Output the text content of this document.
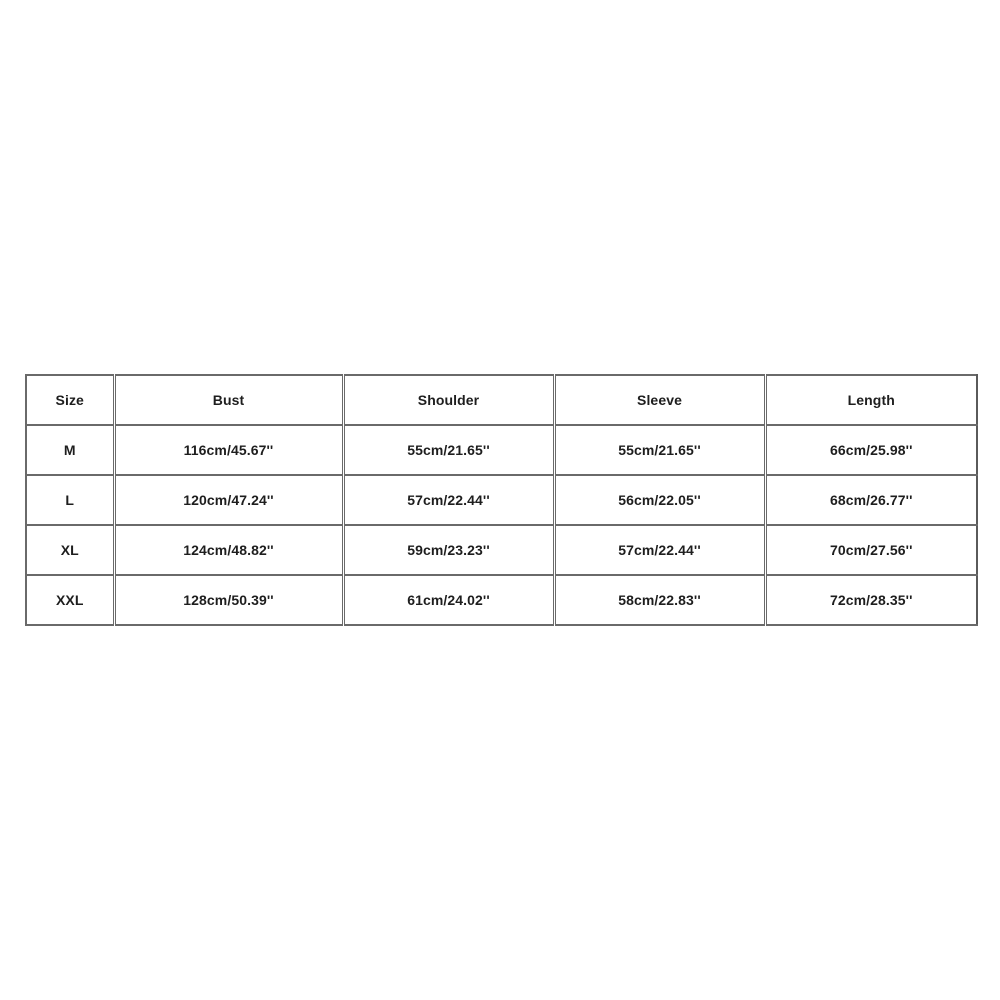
Size	Bust	Shoulder	Sleeve	Length
M	116cm/45.67''	55cm/21.65''	55cm/21.65''	66cm/25.98''
L	120cm/47.24''	57cm/22.44''	56cm/22.05''	68cm/26.77''
XL	124cm/48.82''	59cm/23.23''	57cm/22.44''	70cm/27.56''
XXL	128cm/50.39''	61cm/24.02''	58cm/22.83''	72cm/28.35''
